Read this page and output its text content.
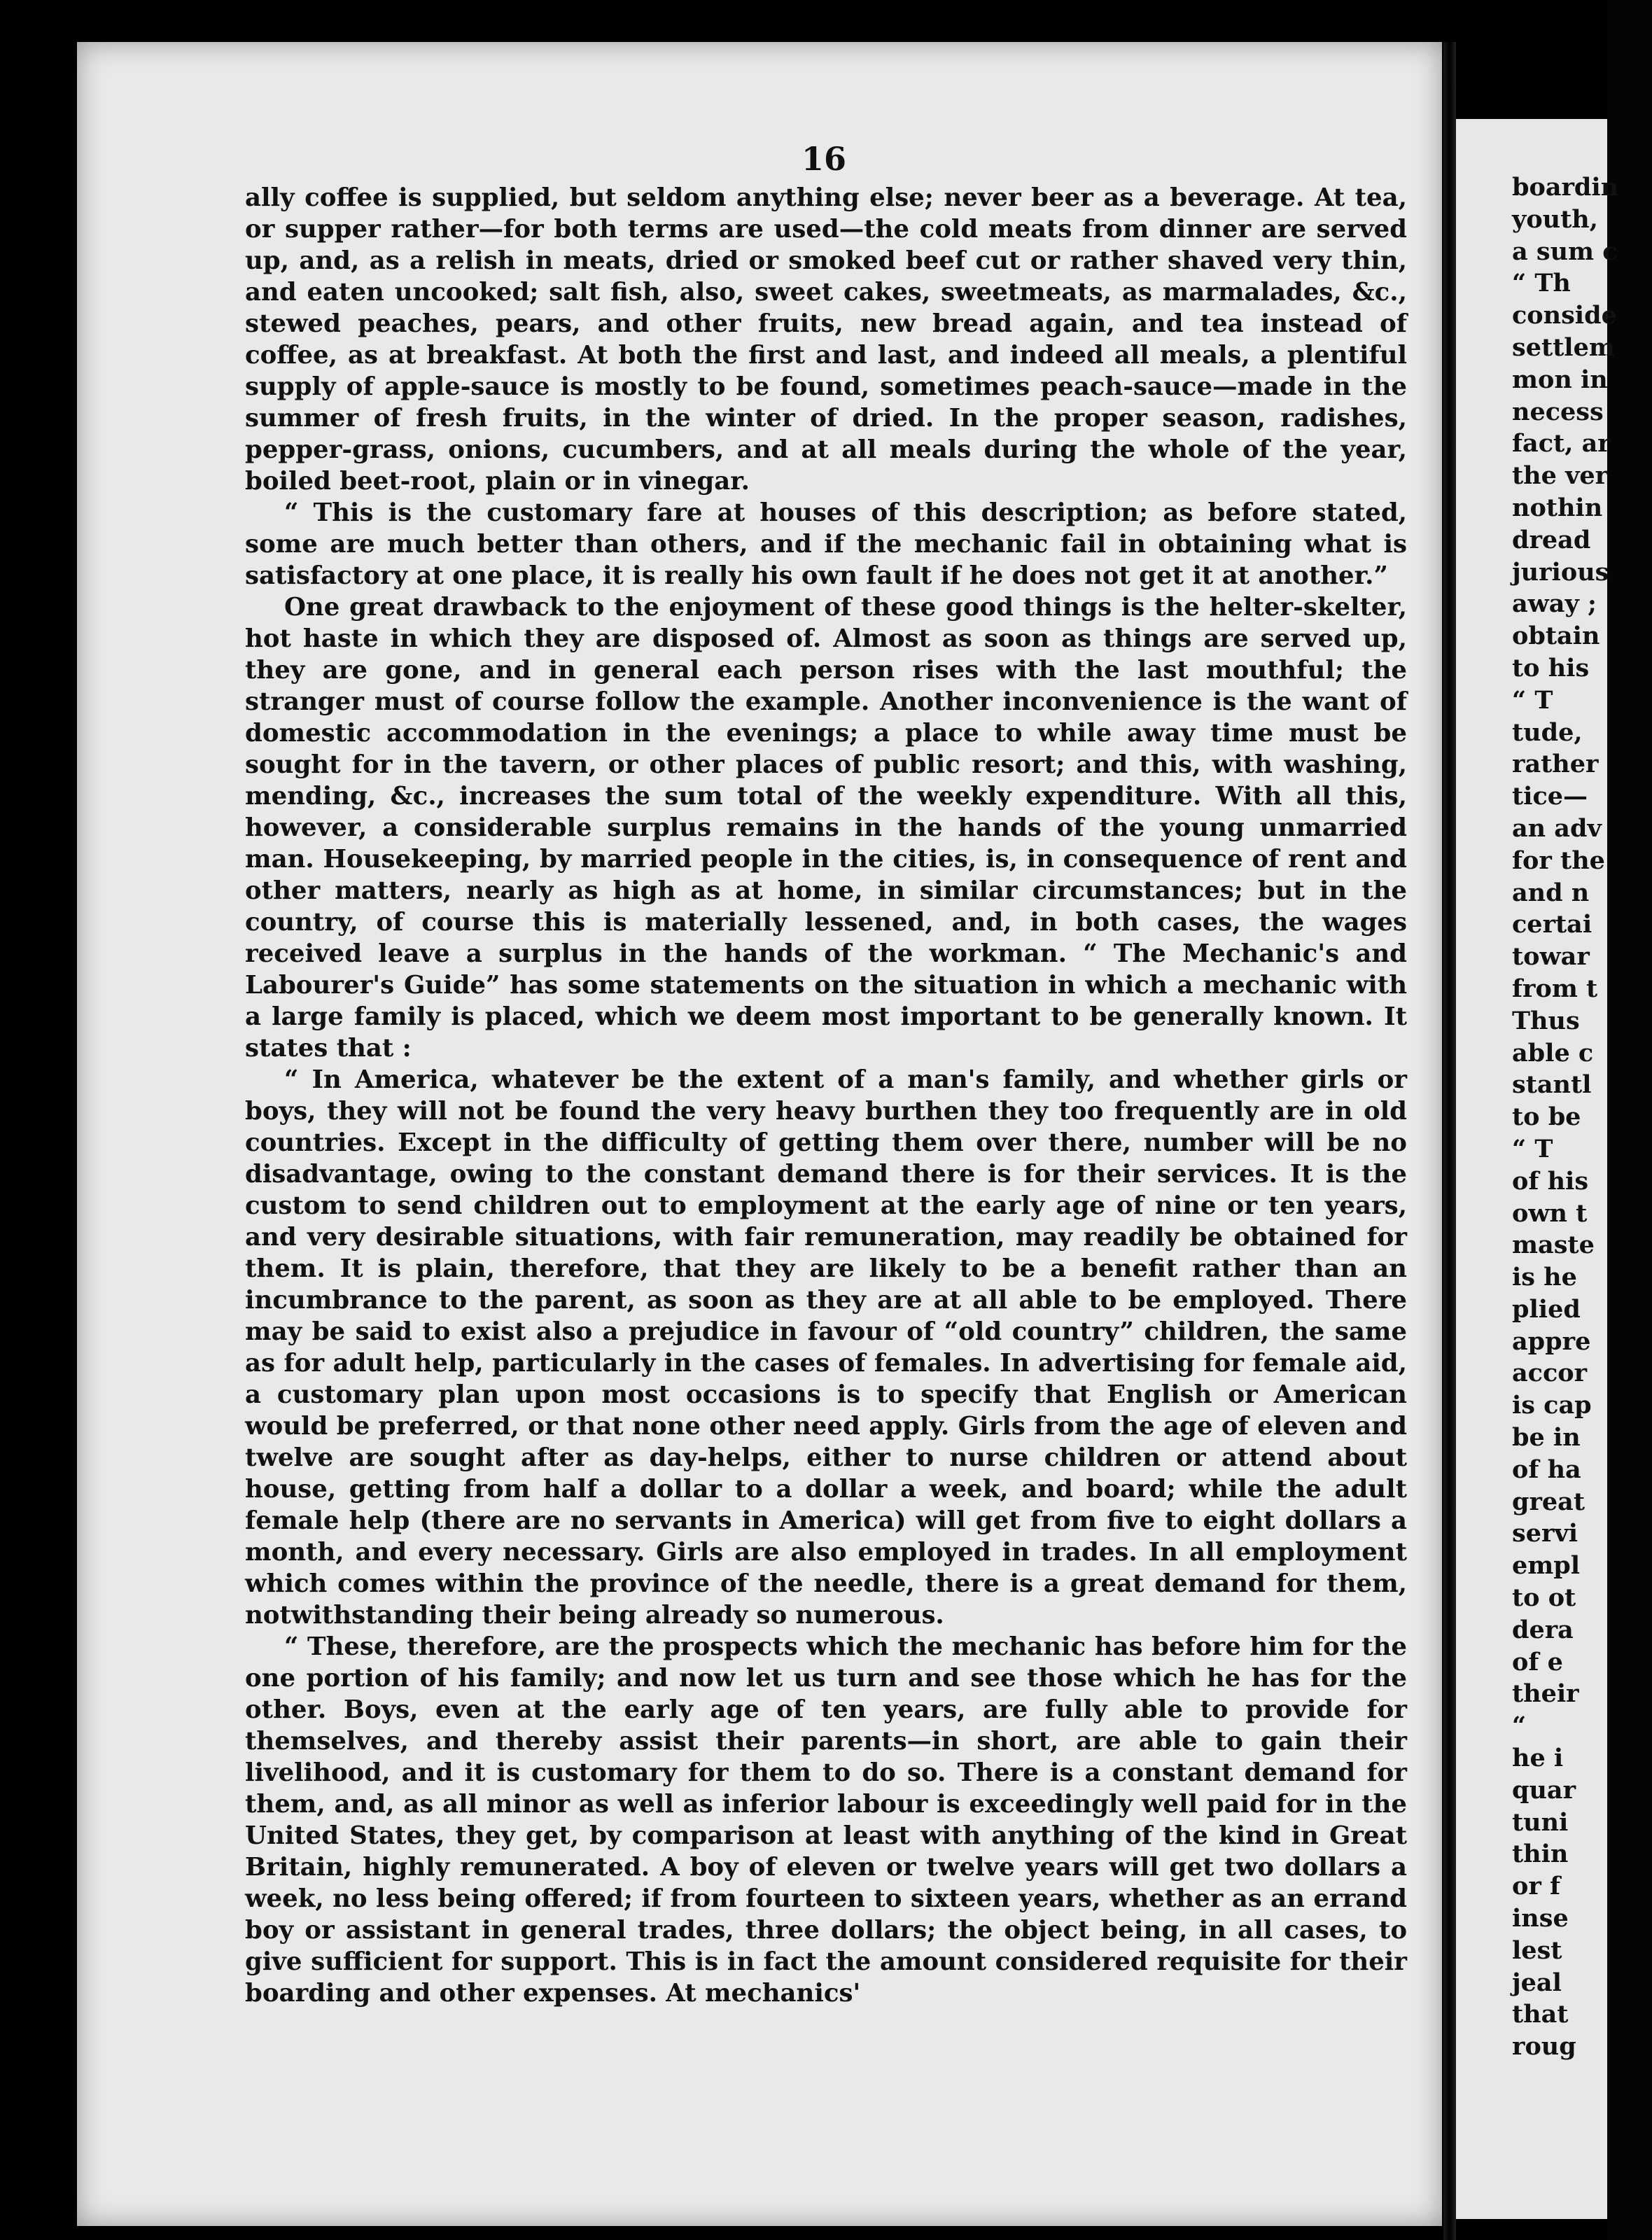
16

ally coffee is supplied, but seldom anything else; never beer as a beverage. At tea, or supper rather—for both terms are used—the cold meats from dinner are served up, and, as a relish in meats, dried or smoked beef cut or rather shaved very thin, and eaten uncooked; salt fish, also, sweet cakes, sweetmeats, as marmalades, &c., stewed peaches, pears, and other fruits, new bread again, and tea instead of coffee, as at breakfast. At both the first and last, and indeed all meals, a plentiful supply of apple-sauce is mostly to be found, sometimes peach-sauce—made in the summer of fresh fruits, in the winter of dried. In the proper season, radishes, pepper-grass, onions, cucumbers, and at all meals during the whole of the year, boiled beet-root, plain or in vinegar.

“ This is the customary fare at houses of this description; as before stated, some are much better than others, and if the mechanic fail in obtaining what is satisfactory at one place, it is really his own fault if he does not get it at another.”

One great drawback to the enjoyment of these good things is the helter-skelter, hot haste in which they are disposed of. Almost as soon as things are served up, they are gone, and in general each person rises with the last mouthful; the stranger must of course follow the example. Another inconvenience is the want of domestic accommodation in the evenings; a place to while away time must be sought for in the tavern, or other places of public resort; and this, with washing, mending, &c., increases the sum total of the weekly expenditure. With all this, however, a considerable surplus remains in the hands of the young unmarried man. Housekeeping, by married people in the cities, is, in consequence of rent and other matters, nearly as high as at home, in similar circumstances; but in the country, of course this is materially lessened, and, in both cases, the wages received leave a surplus in the hands of the workman. “ The Mechanic's and Labourer's Guide” has some statements on the situation in which a mechanic with a large family is placed, which we deem most important to be generally known. It states that :

“ In America, whatever be the extent of a man's family, and whether girls or boys, they will not be found the very heavy burthen they too frequently are in old countries. Except in the difficulty of getting them over there, number will be no disadvantage, owing to the constant demand there is for their services. It is the custom to send children out to employment at the early age of nine or ten years, and very desirable situations, with fair remuneration, may readily be obtained for them. It is plain, therefore, that they are likely to be a benefit rather than an incumbrance to the parent, as soon as they are at all able to be employed. There may be said to exist also a prejudice in favour of “old country” children, the same as for adult help, particularly in the cases of females. In advertising for female aid, a customary plan upon most occasions is to specify that English or American would be preferred, or that none other need apply. Girls from the age of eleven and twelve are sought after as day-helps, either to nurse children or attend about house, getting from half a dollar to a dollar a week, and board; while the adult female help (there are no servants in America) will get from five to eight dollars a month, and every necessary. Girls are also employed in trades. In all employment which comes within the province of the needle, there is a great demand for them, notwithstanding their being already so numerous.

“ These, therefore, are the prospects which the mechanic has before him for the one portion of his family; and now let us turn and see those which he has for the other. Boys, even at the early age of ten years, are fully able to provide for themselves, and thereby assist their parents—in short, are able to gain their livelihood, and it is customary for them to do so. There is a constant demand for them, and, as all minor as well as inferior labour is exceedingly well paid for in the United States, they get, by comparison at least with anything of the kind in Great Britain, highly remunerated. A boy of eleven or twelve years will get two dollars a week, no less being offered; if from fourteen to sixteen years, whether as an errand boy or assistant in general trades, three dollars; the object being, in all cases, to give sufficient for support. This is in fact the amount considered requisite for their boarding and other expenses. At mechanics'

boardin
youth,
a sum c
“ Th
conside
settlem
mon in
necess
fact, ar
the ver
nothin
dread
jurious
away ;
obtain
to his
“ T
tude,
rather
tice—
an adv
for the
and n
certai
towar
from t
Thus
able c
stantl
to be
“ T
of his
own t
maste
is he
plied
appre
accor
is cap
be in
of ha
great
servi
empl
to ot
dera
of e
their
“
he i
quar
tuni
thin
or f
inse
lest
jeal
that
roug
